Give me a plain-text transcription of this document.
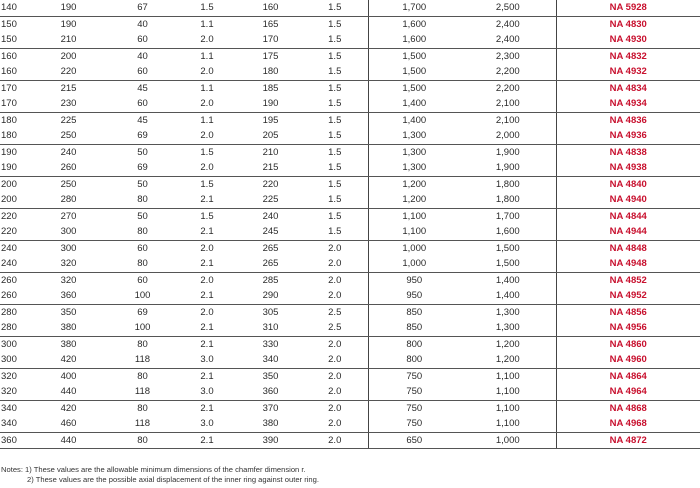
140	190	67	1.5	160	1.5	1,700	2,500	NA 5928
150	190	40	1.1	165	1.5	1,600	2,400	NA 4830
150	210	60	2.0	170	1.5	1,600	2,400	NA 4930
160	200	40	1.1	175	1.5	1,500	2,300	NA 4832
160	220	60	2.0	180	1.5	1,500	2,200	NA 4932
170	215	45	1.1	185	1.5	1,500	2,200	NA 4834
170	230	60	2.0	190	1.5	1,400	2,100	NA 4934
180	225	45	1.1	195	1.5	1,400	2,100	NA 4836
180	250	69	2.0	205	1.5	1,300	2,000	NA 4936
190	240	50	1.5	210	1.5	1,300	1,900	NA 4838
190	260	69	2.0	215	1.5	1,300	1,900	NA 4938
200	250	50	1.5	220	1.5	1,200	1,800	NA 4840
200	280	80	2.1	225	1.5	1,200	1,800	NA 4940
220	270	50	1.5	240	1.5	1,100	1,700	NA 4844
220	300	80	2.1	245	1.5	1,100	1,600	NA 4944
240	300	60	2.0	265	2.0	1,000	1,500	NA 4848
240	320	80	2.1	265	2.0	1,000	1,500	NA 4948
260	320	60	2.0	285	2.0	950	1,400	NA 4852
260	360	100	2.1	290	2.0	950	1,400	NA 4952
280	350	69	2.0	305	2.5	850	1,300	NA 4856
280	380	100	2.1	310	2.5	850	1,300	NA 4956
300	380	80	2.1	330	2.0	800	1,200	NA 4860
300	420	118	3.0	340	2.0	800	1,200	NA 4960
320	400	80	2.1	350	2.0	750	1,100	NA 4864
320	440	118	3.0	360	2.0	750	1,100	NA 4964
340	420	80	2.1	370	2.0	750	1,100	NA 4868
340	460	118	3.0	380	2.0	750	1,100	NA 4968
360	440	80	2.1	390	2.0	650	1,000	NA 4872
Notes: 1) These values are the allowable minimum dimensions of the chamfer dimension r.
2) These values are the possible axial displacement of the inner ring against outer ring.
